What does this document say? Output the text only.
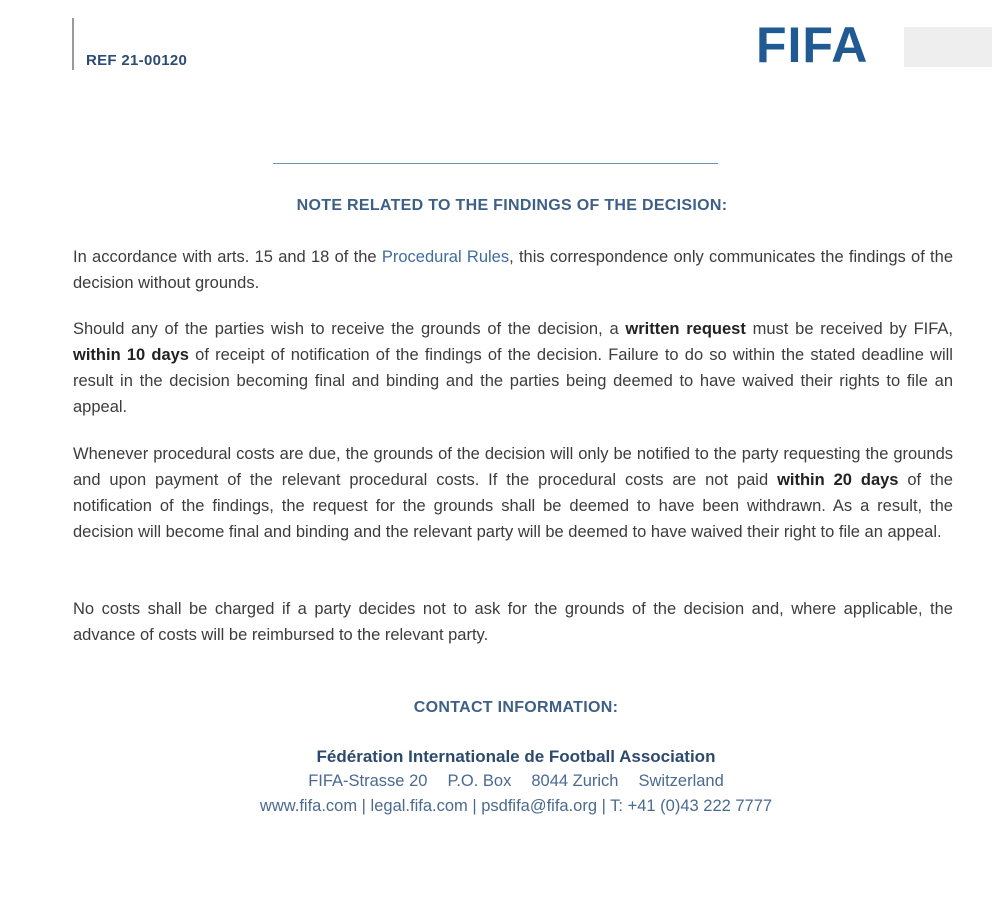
REF 21-00120	FIFA
NOTE RELATED TO THE FINDINGS OF THE DECISION:
In accordance with arts. 15 and 18 of the Procedural Rules, this correspondence only communicates the findings of the decision without grounds.
Should any of the parties wish to receive the grounds of the decision, a written request must be received by FIFA, within 10 days of receipt of notification of the findings of the decision. Failure to do so within the stated deadline will result in the decision becoming final and binding and the parties being deemed to have waived their rights to file an appeal.
Whenever procedural costs are due, the grounds of the decision will only be notified to the party requesting the grounds and upon payment of the relevant procedural costs. If the procedural costs are not paid within 20 days of the notification of the findings, the request for the grounds shall be deemed to have been withdrawn. As a result, the decision will become final and binding and the relevant party will be deemed to have waived their right to file an appeal.
No costs shall be charged if a party decides not to ask for the grounds of the decision and, where applicable, the advance of costs will be reimbursed to the relevant party.
CONTACT INFORMATION:
Fédération Internationale de Football Association
FIFA-Strasse 20 P.O. Box 8044 Zurich Switzerland
www.fifa.com | legal.fifa.com | psdfifa@fifa.org | T: +41 (0)43 222 7777
